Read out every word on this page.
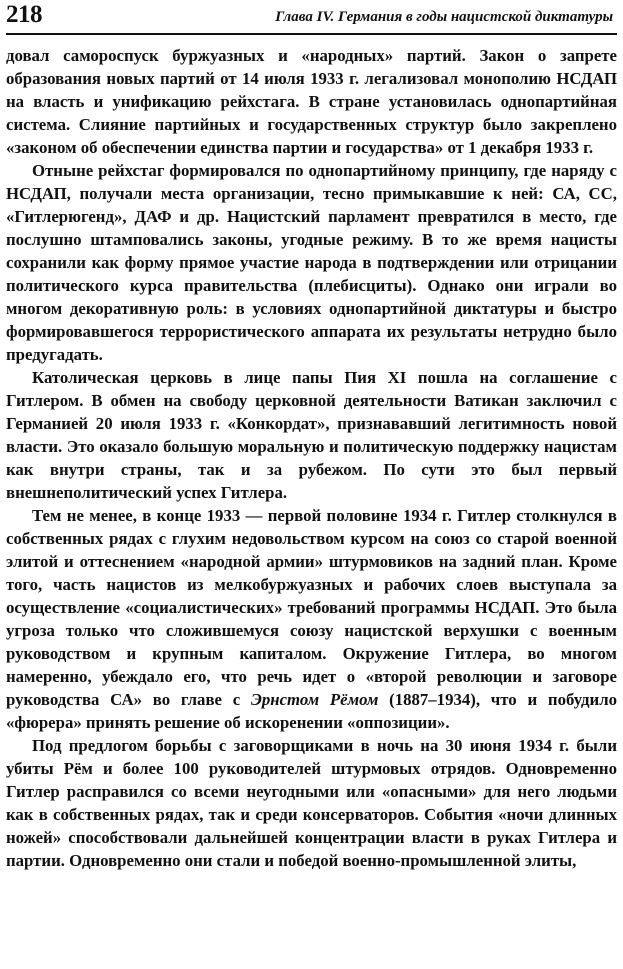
218	Глава IV. Германия в годы нацистской диктатуры

довал самороспуск буржуазных и «народных» партий. Закон о запрете образования новых партий от 14 июля 1933 г. легализовал монополию НСДАП на власть и унификацию рейхстага. В стране установилась однопартийная система. Слияние партийных и государственных структур было закреплено «законом об обеспечении единства партии и государства» от 1 декабря 1933 г.

Отныне рейхстаг формировался по однопартийному принципу, где наряду с НСДАП, получали места организации, тесно примыкавшие к ней: СА, СС, «Гитлерюгенд», ДАФ и др. Нацистский парламент превратился в место, где послушно штамповались законы, угодные режиму. В то же время нацисты сохранили как форму прямое участие народа в подтверждении или отрицании политического курса правительства (плебисциты). Однако они играли во многом декоративную роль: в условиях однопартийной диктатуры и быстро формировавшегося террористического аппарата их результаты нетрудно было предугадать.

Католическая церковь в лице папы Пия XI пошла на соглашение с Гитлером. В обмен на свободу церковной деятельности Ватикан заключил с Германией 20 июля 1933 г. «Конкордат», признававший легитимность новой власти. Это оказало большую моральную и политическую поддержку нацистам как внутри страны, так и за рубежом. По сути это был первый внешнеполитический успех Гитлера.

Тем не менее, в конце 1933 — первой половине 1934 г. Гитлер столкнулся в собственных рядах с глухим недовольством курсом на союз со старой военной элитой и оттеснением «народной армии» штурмовиков на задний план. Кроме того, часть нацистов из мелкобуржуазных и рабочих слоев выступала за осуществление «социалистических» требований программы НСДАП. Это была угроза только что сложившемуся союзу нацистской верхушки с военным руководством и крупным капиталом. Окружение Гитлера, во многом намеренно, убеждало его, что речь идет о «второй революции и заговоре руководства СА» во главе с Эрнстом Рёмом (1887–1934), что и побудило «фюрера» принять решение об искоренении «оппозиции».

Под предлогом борьбы с заговорщиками в ночь на 30 июня 1934 г. были убиты Рём и более 100 руководителей штурмовых отрядов. Одновременно Гитлер расправился со всеми неугодными или «опасными» для него людьми как в собственных рядах, так и среди консерваторов. События «ночи длинных ножей» способствовали дальнейшей концентрации власти в руках Гитлера и партии. Одновременно они стали и победой военно-промышленной элиты,
